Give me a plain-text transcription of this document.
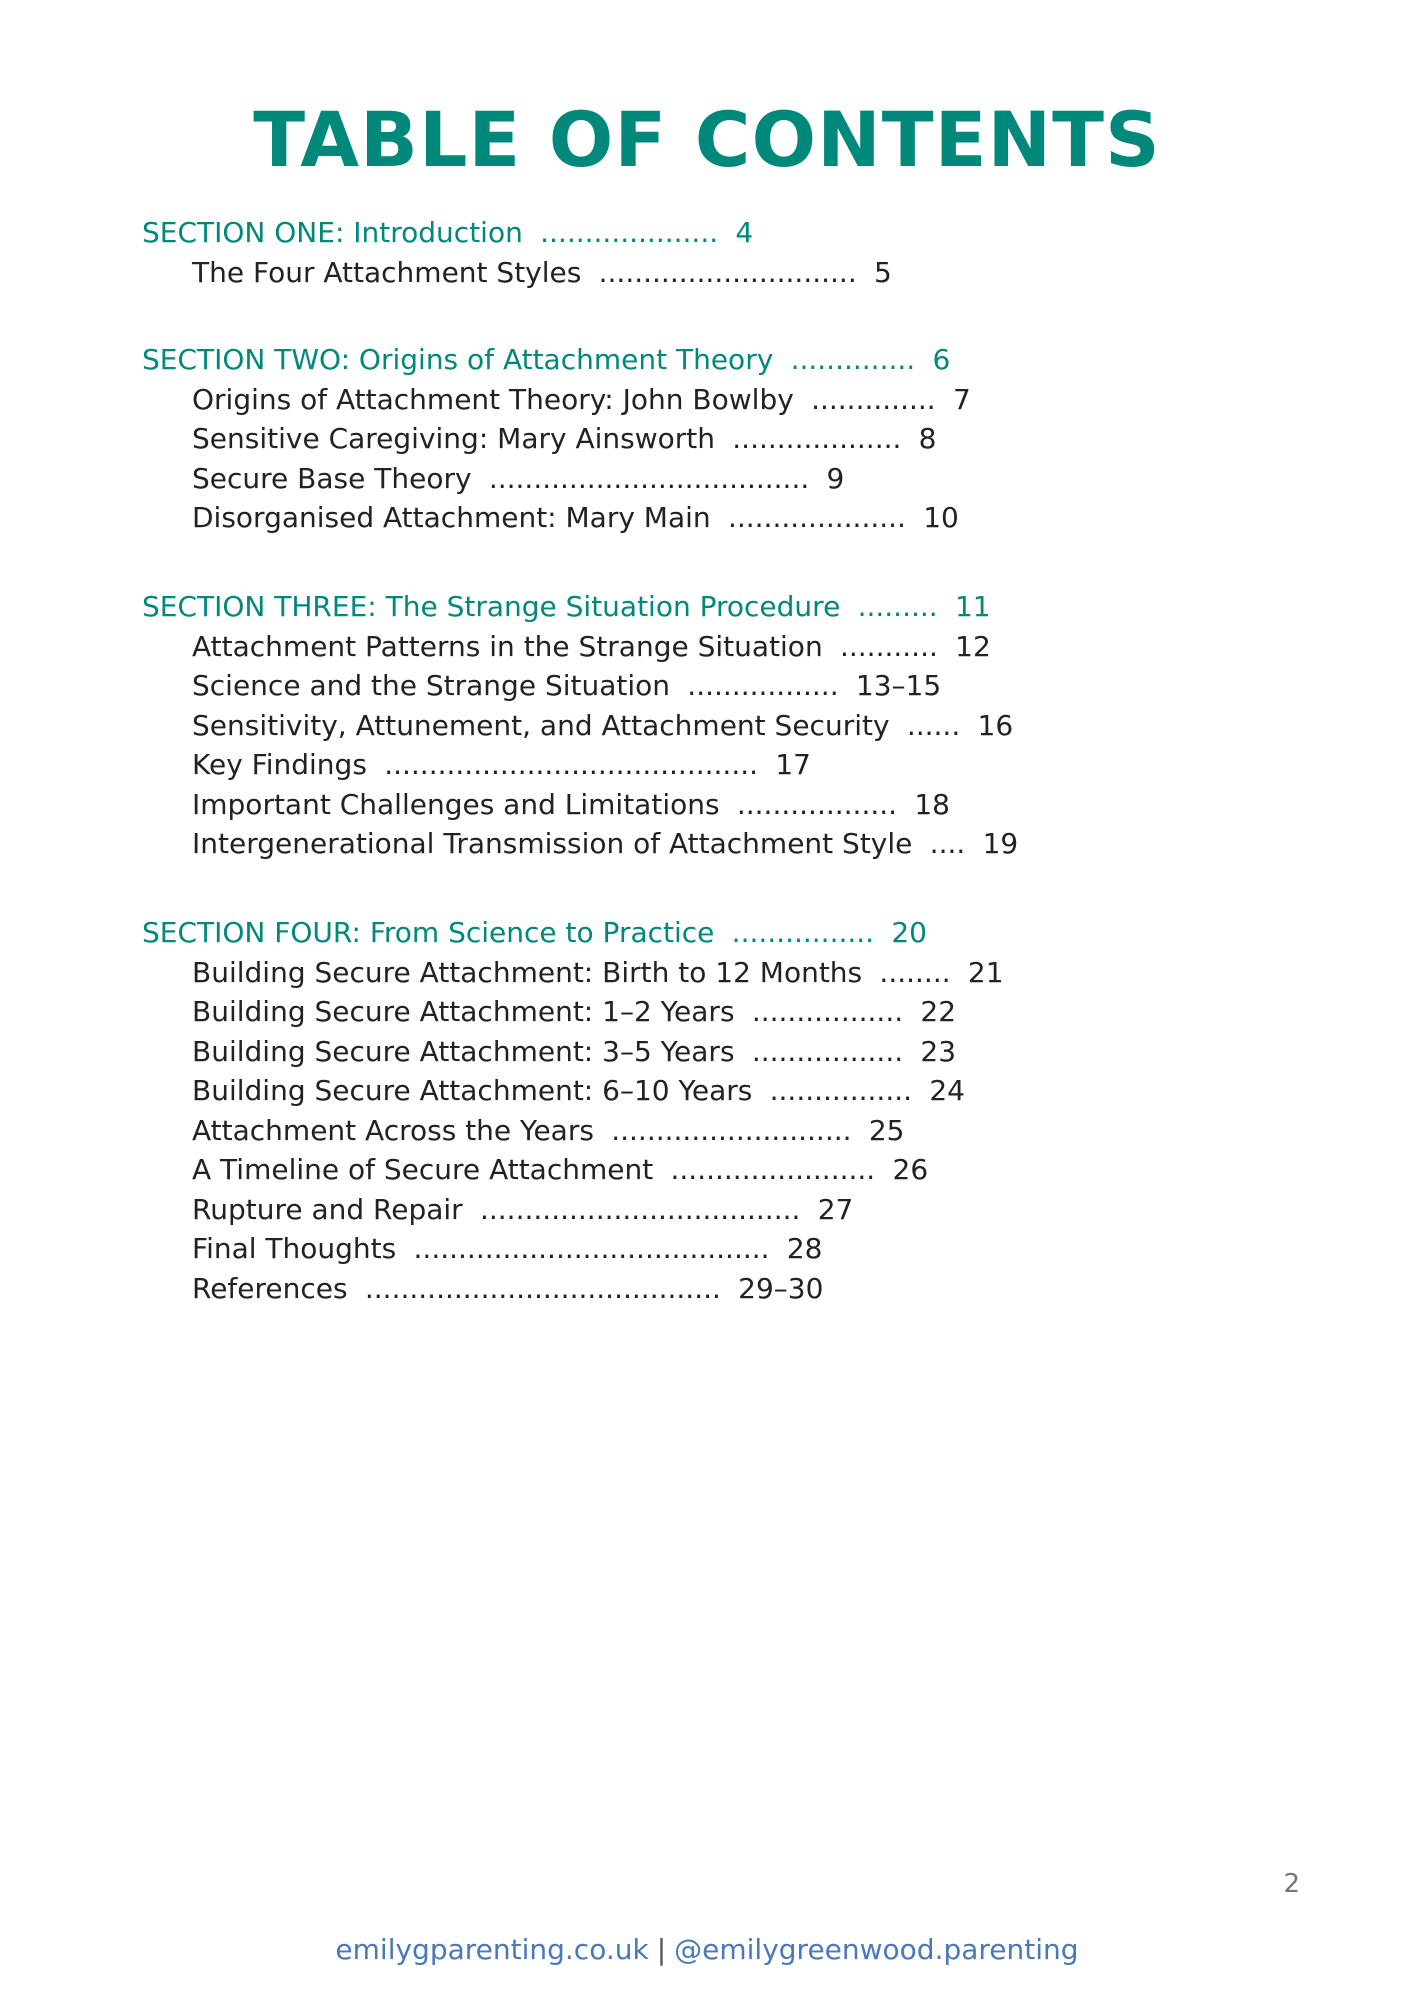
TABLE OF CONTENTS
SECTION ONE: Introduction .................... 4
The Four Attachment Styles ............................. 5
SECTION TWO: Origins of Attachment Theory .............. 6
Origins of Attachment Theory: John Bowlby .............. 7
Sensitive Caregiving: Mary Ainsworth ................... 8
Secure Base Theory .................................... 9
Disorganised Attachment: Mary Main .................... 10
SECTION THREE: The Strange Situation Procedure ......... 11
Attachment Patterns in the Strange Situation ........... 12
Science and the Strange Situation ................. 13–15
Sensitivity, Attunement, and Attachment Security ...... 16
Key Findings .......................................... 17
Important Challenges and Limitations .................. 18
Intergenerational Transmission of Attachment Style .... 19
SECTION FOUR: From Science to Practice ................ 20
Building Secure Attachment: Birth to 12 Months ........ 21
Building Secure Attachment: 1–2 Years ................. 22
Building Secure Attachment: 3–5 Years ................. 23
Building Secure Attachment: 6–10 Years ................ 24
Attachment Across the Years ........................... 25
A Timeline of Secure Attachment ....................... 26
Rupture and Repair .................................... 27
Final Thoughts ........................................ 28
References ........................................ 29–30
2
emilygparenting.co.uk | @emilygreenwood.parenting
